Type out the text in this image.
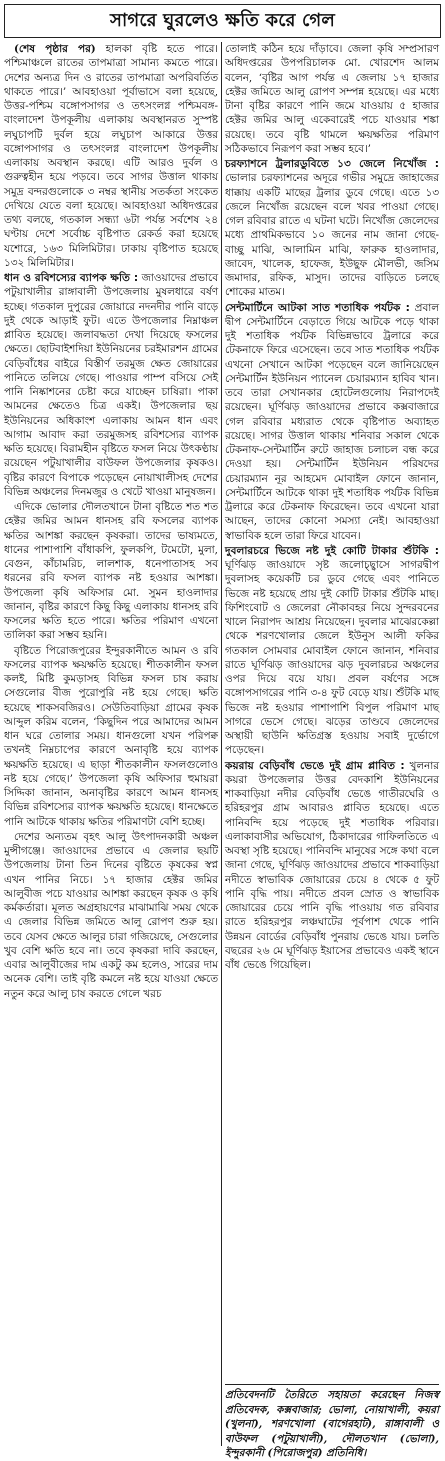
সাগরে ঘুরলেও ক্ষতি করে গেল

(শেষ পৃষ্ঠার পর) হালকা বৃষ্টি হতে পারে। পশ্চিমাঞ্চলে রাতের তাপমাত্রা সামান্য কমতে পারে। দেশের অন্যত্র দিন ও রাতের তাপমাত্রা অপরিবর্তিত থাকতে পারে।’ আবহাওয়া পূর্বাভাসে বলা হয়েছে, উত্তর-পশ্চিম বঙ্গোপসাগর ও তৎসংলগ্ন পশ্চিমবঙ্গ-বাংলাদেশ উপকূলীয় এলাকায় অবস্থানরত সুস্পষ্ট লঘুচাপটি দুর্বল হয়ে লঘুচাপ আকারে উত্তর বঙ্গোপসাগর ও তৎসংলগ্ন বাংলাদেশ উপকূলীয় এলাকায় অবস্থান করছে। এটি আরও দুর্বল ও গুরুত্বহীন হয়ে পড়বে। তবে সাগর উত্তাল থাকায় সমুদ্র বন্দরগুলোকে ৩ নম্বর স্থানীয় সতর্কতা সংকেত দেখিয়ে যেতে বলা হয়েছে। আবহাওয়া অধিদপ্তরের তথ্য বলছে, গতকাল সন্ধ্যা ৬টা পর্যন্ত সর্বশেষ ২৪ ঘণ্টায় দেশে সর্বোচ্চ বৃষ্টিপাত রেকর্ড করা হয়েছে যশোরে, ১৬৩ মিলিমিটার। ঢাকায় বৃষ্টিপাত হয়েছে ১৩২ মিলিমিটার।

ধান ও রবিশস্যের ব্যাপক ক্ষতি : জাওয়াদের প্রভাবে পটুয়াখালীর রাঙ্গাবালী উপজেলায় মুষলধারে বর্ষণ হচ্ছে। গতকাল দুপুরের জোয়ারে নদনদীর পানি বাড়ে দুই থেকে আড়াই ফুট। এতে উপজেলার নিম্নাঞ্চল প্লাবিত হয়েছে। জলাবদ্ধতা দেখা দিয়েছে ফসলের ক্ষেতে। ছোটবাইশদিয়া ইউনিয়নের চরইমারশন গ্রামের বেড়িবাঁধের বাইরে বিস্তীর্ণ তরমুজ ক্ষেত জোয়ারের পানিতে তলিয়ে গেছে। পাওয়ার পাম্প বসিয়ে সেই পানি নিষ্কাশনের চেষ্টা করে যাচ্ছেন চাষিরা। পাকা আমনের ক্ষেতেও চিত্র একই। উপজেলার ছয় ইউনিয়নের অধিকাংশ এলাকায় আমন ধান এবং আগাম আবাদ করা তরমুজসহ রবিশস্যের ব্যাপক ক্ষতি হয়েছে। বিরামহীন বৃষ্টিতে ফসল নিয়ে উৎকণ্ঠায় রয়েছেন পটুয়াখালীর বাউফল উপজেলার কৃষকও। বৃষ্টির কারণে বিপাকে পড়েছেন নোয়াখালীসহ দেশের বিভিন্ন অঞ্চলের দিনমজুর ও খেটে খাওয়া মানুষজন।

এদিকে ভোলার দৌলতখানে টানা বৃষ্টিতে শত শত হেক্টর জমির আমন ধানসহ রবি ফসলের ব্যাপক ক্ষতির আশঙ্কা করছেন কৃষকরা। তাদের ভাষ্যমতে, ধানের পাশাপাশি বাঁধাকপি, ফুলকপি, টমেটো, মুলা, বেগুন, কাঁচামরিচ, লালশাক, ধনেপাতাসহ সব ধরনের রবি ফসল ব্যাপক নষ্ট হওয়ার আশঙ্কা। উপজেলা কৃষি অফিসার মো. সুমন হাওলাদার জানান, বৃষ্টির কারণে কিছু কিছু এলাকায় ধানসহ রবি ফসলের ক্ষতি হতে পারে। ক্ষতির পরিমাণ এখনো তালিকা করা সম্ভব হয়নি।

বৃষ্টিতে পিরোজপুরের ইন্দুরকানীতে আমন ও রবি ফসলের ব্যাপক ক্ষয়ক্ষতি হয়েছে। শীতকালীন ফসল কলই, মিষ্টি কুমড়াসহ বিভিন্ন ফসল চাষ করায় সেগুলোর বীজ পুরোপুরি নষ্ট হয়ে গেছে। ক্ষতি হয়েছে শাকসবজিরও। সেউতিবাড়িয়া গ্রামের কৃষক আব্দুল করিম বলেন, ‘কিছুদিন পরে আমাদের আমন ধান ঘরে তোলার সময়। ধানগুলো যখন পরিপক্ব তখনই নিম্নচাপের কারণে অনাবৃষ্টি হয়ে ব্যাপক ক্ষয়ক্ষতি হয়েছে। এ ছাড়া শীতকালীন ফসলগুলোও নষ্ট হয়ে গেছে।’ উপজেলা কৃষি অফিসার হুমায়রা সিদ্দিকা জানান, অনাবৃষ্টির কারণে আমন ধানসহ বিভিন্ন রবিশস্যের ব্যাপক ক্ষয়ক্ষতি হয়েছে। ধানক্ষেতে পানি আটকে থাকায় ক্ষতির পরিমাণটা বেশি হচ্ছে।

দেশের অন্যতম বৃহৎ আলু উৎপাদনকারী অঞ্চল মুন্সীগঞ্জে। জাওয়াদের প্রভাবে এ জেলার ছয়টি উপজেলায় টানা তিন দিনের বৃষ্টিতে কৃষকের স্বপ্ন এখন পানির নিচে। ১৭ হাজার হেক্টর জমির আলুবীজ পচে যাওয়ার আশঙ্কা করছেন কৃষক ও কৃষি কর্মকর্তারা। মূলত অগ্রহায়ণের মাঝামাঝি সময় থেকে এ জেলার বিভিন্ন জমিতে আলু রোপণ শুরু হয়। তবে যেসব ক্ষেতে আলুর চারা গজিয়েছে, সেগুলোর খুব বেশি ক্ষতি হবে না। তবে কৃষকরা দাবি করছেন, এবার আলুবীজের দাম একটু কম হলেও, সারের দাম অনেক বেশি। তাই বৃষ্টি কমলে নষ্ট হয়ে যাওয়া ক্ষেতে নতুন করে আলু চাষ করতে গেলে খরচ

তোলাই কঠিন হয়ে দাঁড়াবে। জেলা কৃষি সম্প্রসারণ অধিদপ্তরের উপপরিচালক মো. খোরশেদ আলম বলেন, ‘বৃষ্টির আগ পর্যন্ত এ জেলায় ১৭ হাজার হেক্টর জমিতে আলু রোপণ সম্পন্ন হয়েছে। এর মধ্যে টানা বৃষ্টির কারণে পানি জমে যাওয়ায় ৫ হাজার হেক্টর জমির আলু একেবারেই পচে যাওয়ার শঙ্কা রয়েছে। তবে বৃষ্টি থামলে ক্ষয়ক্ষতির পরিমাণ সঠিকভাবে নিরূপণ করা সম্ভব হবে।’

চরফ্যাশনে ট্রলারডুবিতে ১৩ জেলে নিখোঁজ : ভোলার চরফ্যাশনের অদূরে গভীর সমুদ্রে জাহাজের ধাক্কায় একটি মাছের ট্রলার ডুবে গেছে। এতে ১৩ জেলে নিখোঁজ রয়েছেন বলে খবর পাওয়া গেছে। গেল রবিবার রাতে এ ঘটনা ঘটে। নিখোঁজ জেলেদের মধ্যে প্রাথমিকভাবে ১০ জনের নাম জানা গেছে- বাচ্ছু মাঝি, আলামিন মাঝি, ফারুক হাওলাদার, জাবেদ, খালেক, হাফেজ, ইউছুফ মৌলভী, জসিম জমাদার, রফিক, মাসুদ। তাদের বাড়িতে চলছে শোকের মাতম।

সেন্টমার্টিনে আটকা সাত শতাধিক পর্যটক : প্রবাল দ্বীপ সেন্টমার্টিনে বেড়াতে গিয়ে আটকে পড়ে থাকা দুই শতাধিক পর্যটক বিভিন্নভাবে ট্রলারে করে টেকনাফে ফিরে এসেছেন। তবে সাত শতাধিক পর্যটক এখনো সেখানে আটকা পড়েছেন বলে জানিয়েছেন সেন্টমার্টিন ইউনিয়ন প্যানেল চেয়ারম্যান হাবিব খান। তবে তারা সেখানকার হোটেলগুলোয় নিরাপদেই রয়েছেন। ঘূর্ণিঝড় জাওয়াদের প্রভাবে কক্সবাজারে গেল রবিবার মধ্যরাত থেকে বৃষ্টিপাত অব্যাহত রয়েছে। সাগর উত্তাল থাকায় শনিবার সকাল থেকে টেকনাফ-সেন্টমার্টিন রুটে জাহাজ চলাচল বন্ধ করে দেওয়া হয়। সেন্টমার্টিন ইউনিয়ন পরিষদের চেয়ারম্যান নূর আহমেদ মোবাইল ফোনে জানান, সেন্টমার্টিনে আটকে থাকা দুই শতাধিক পর্যটক বিভিন্ন ট্রলারে করে টেকনাফ ফিরেছেন। তবে এখনো যারা আছেন, তাদের কোনো সমস্যা নেই। আবহাওয়া স্বাভাবিক হলে তারা ফিরে যাবেন।

দুবলারচরে ভিজে নষ্ট দুই কোটি টাকার শুঁটকি : ঘূর্ণিঝড় জাওয়াদে সৃষ্ট জলোচ্ছ্বাসে সাগরদ্বীপ দুবলাসহ কয়েকটি চর ডুবে গেছে এবং পানিতে ভিজে নষ্ট হয়েছে প্রায় দুই কোটি টাকার শুঁটকি মাছ। ফিশিংবোট ও জেলেরা নৌকাবহর নিয়ে সুন্দরবনের খালে নিরাপদ আশ্রয় নিয়েছেন। দুবলার মাঝেরকেল্লা থেকে শরণখোলার জেলে ইউনুস আলী ফকির গতকাল সোমবার মোবাইল ফোনে জানান, শনিবার রাতে ঘূর্ণিঝড় জাওয়াদের ঝড় দুবলারচর অঞ্চলের ওপর দিয়ে বয়ে যায়। প্রবল বর্ষণের সঙ্গে বঙ্গোপসাগরের পানি ৩-৪ ফুট বেড়ে যায়। শুঁটকি মাছ ভিজে নষ্ট হওয়ার পাশাপাশি বিপুল পরিমাণ মাছ সাগরে ভেসে গেছে। ঝড়ের তাণ্ডবে জেলেদের অস্থায়ী ছাউনি ক্ষতিগ্রস্ত হওয়ায় সবাই দুর্ভোগে পড়েছেন।

কয়রায় বেড়িবাঁধ ভেঙে দুই গ্রাম প্লাবিত : খুলনার কয়রা উপজেলার উত্তর বেদকাশি ইউনিয়নের শাকবাড়িয়া নদীর বেড়িবাঁধ ভেঙে গাতীরঘেরি ও হরিহরপুর গ্রাম আবারও প্লাবিত হয়েছে। এতে পানিবন্দি হয়ে পড়েছে দুই শতাধিক পরিবার। এলাকাবাসীর অভিযোগ, ঠিকাদারের গাফিলতিতে এ অবস্থা সৃষ্টি হয়েছে। পানিবন্দি মানুষের সঙ্গে কথা বলে জানা গেছে, ঘূর্ণিঝড় জাওয়াদের প্রভাবে শাকবাড়িয়া নদীতে স্বাভাবিক জোয়ারের চেয়ে ৪ থেকে ৫ ফুট পানি বৃদ্ধি পায়। নদীতে প্রবল স্রোত ও স্বাভাবিক জোয়ারের চেয়ে পানি বৃদ্ধি পাওয়ায় গত রবিবার রাতে হরিহরপুর লঞ্চঘাটের পূর্বপাশ থেকে পানি উন্নয়ন বোর্ডের বেড়িবাঁধ পুনরায় ভেঙে যায়। চলতি বছরের ২৬ মে ঘূর্ণিঝড় ইয়াসের প্রভাবেও একই স্থানে বাঁধ ভেঙে গিয়েছিল।

প্রতিবেদনটি তৈরিতে সহায়তা করেছেন নিজস্ব প্রতিবেদক, কক্সবাজার; ভোলা, নোয়াখালী, কয়রা (খুলনা), শরণখোলা (বাগেরহাট), রাঙ্গাবালী ও বাউফল (পটুয়াখালী), দৌলতখান (ভোলা), ইন্দুরকানী (পিরোজপুর) প্রতিনিধি।
